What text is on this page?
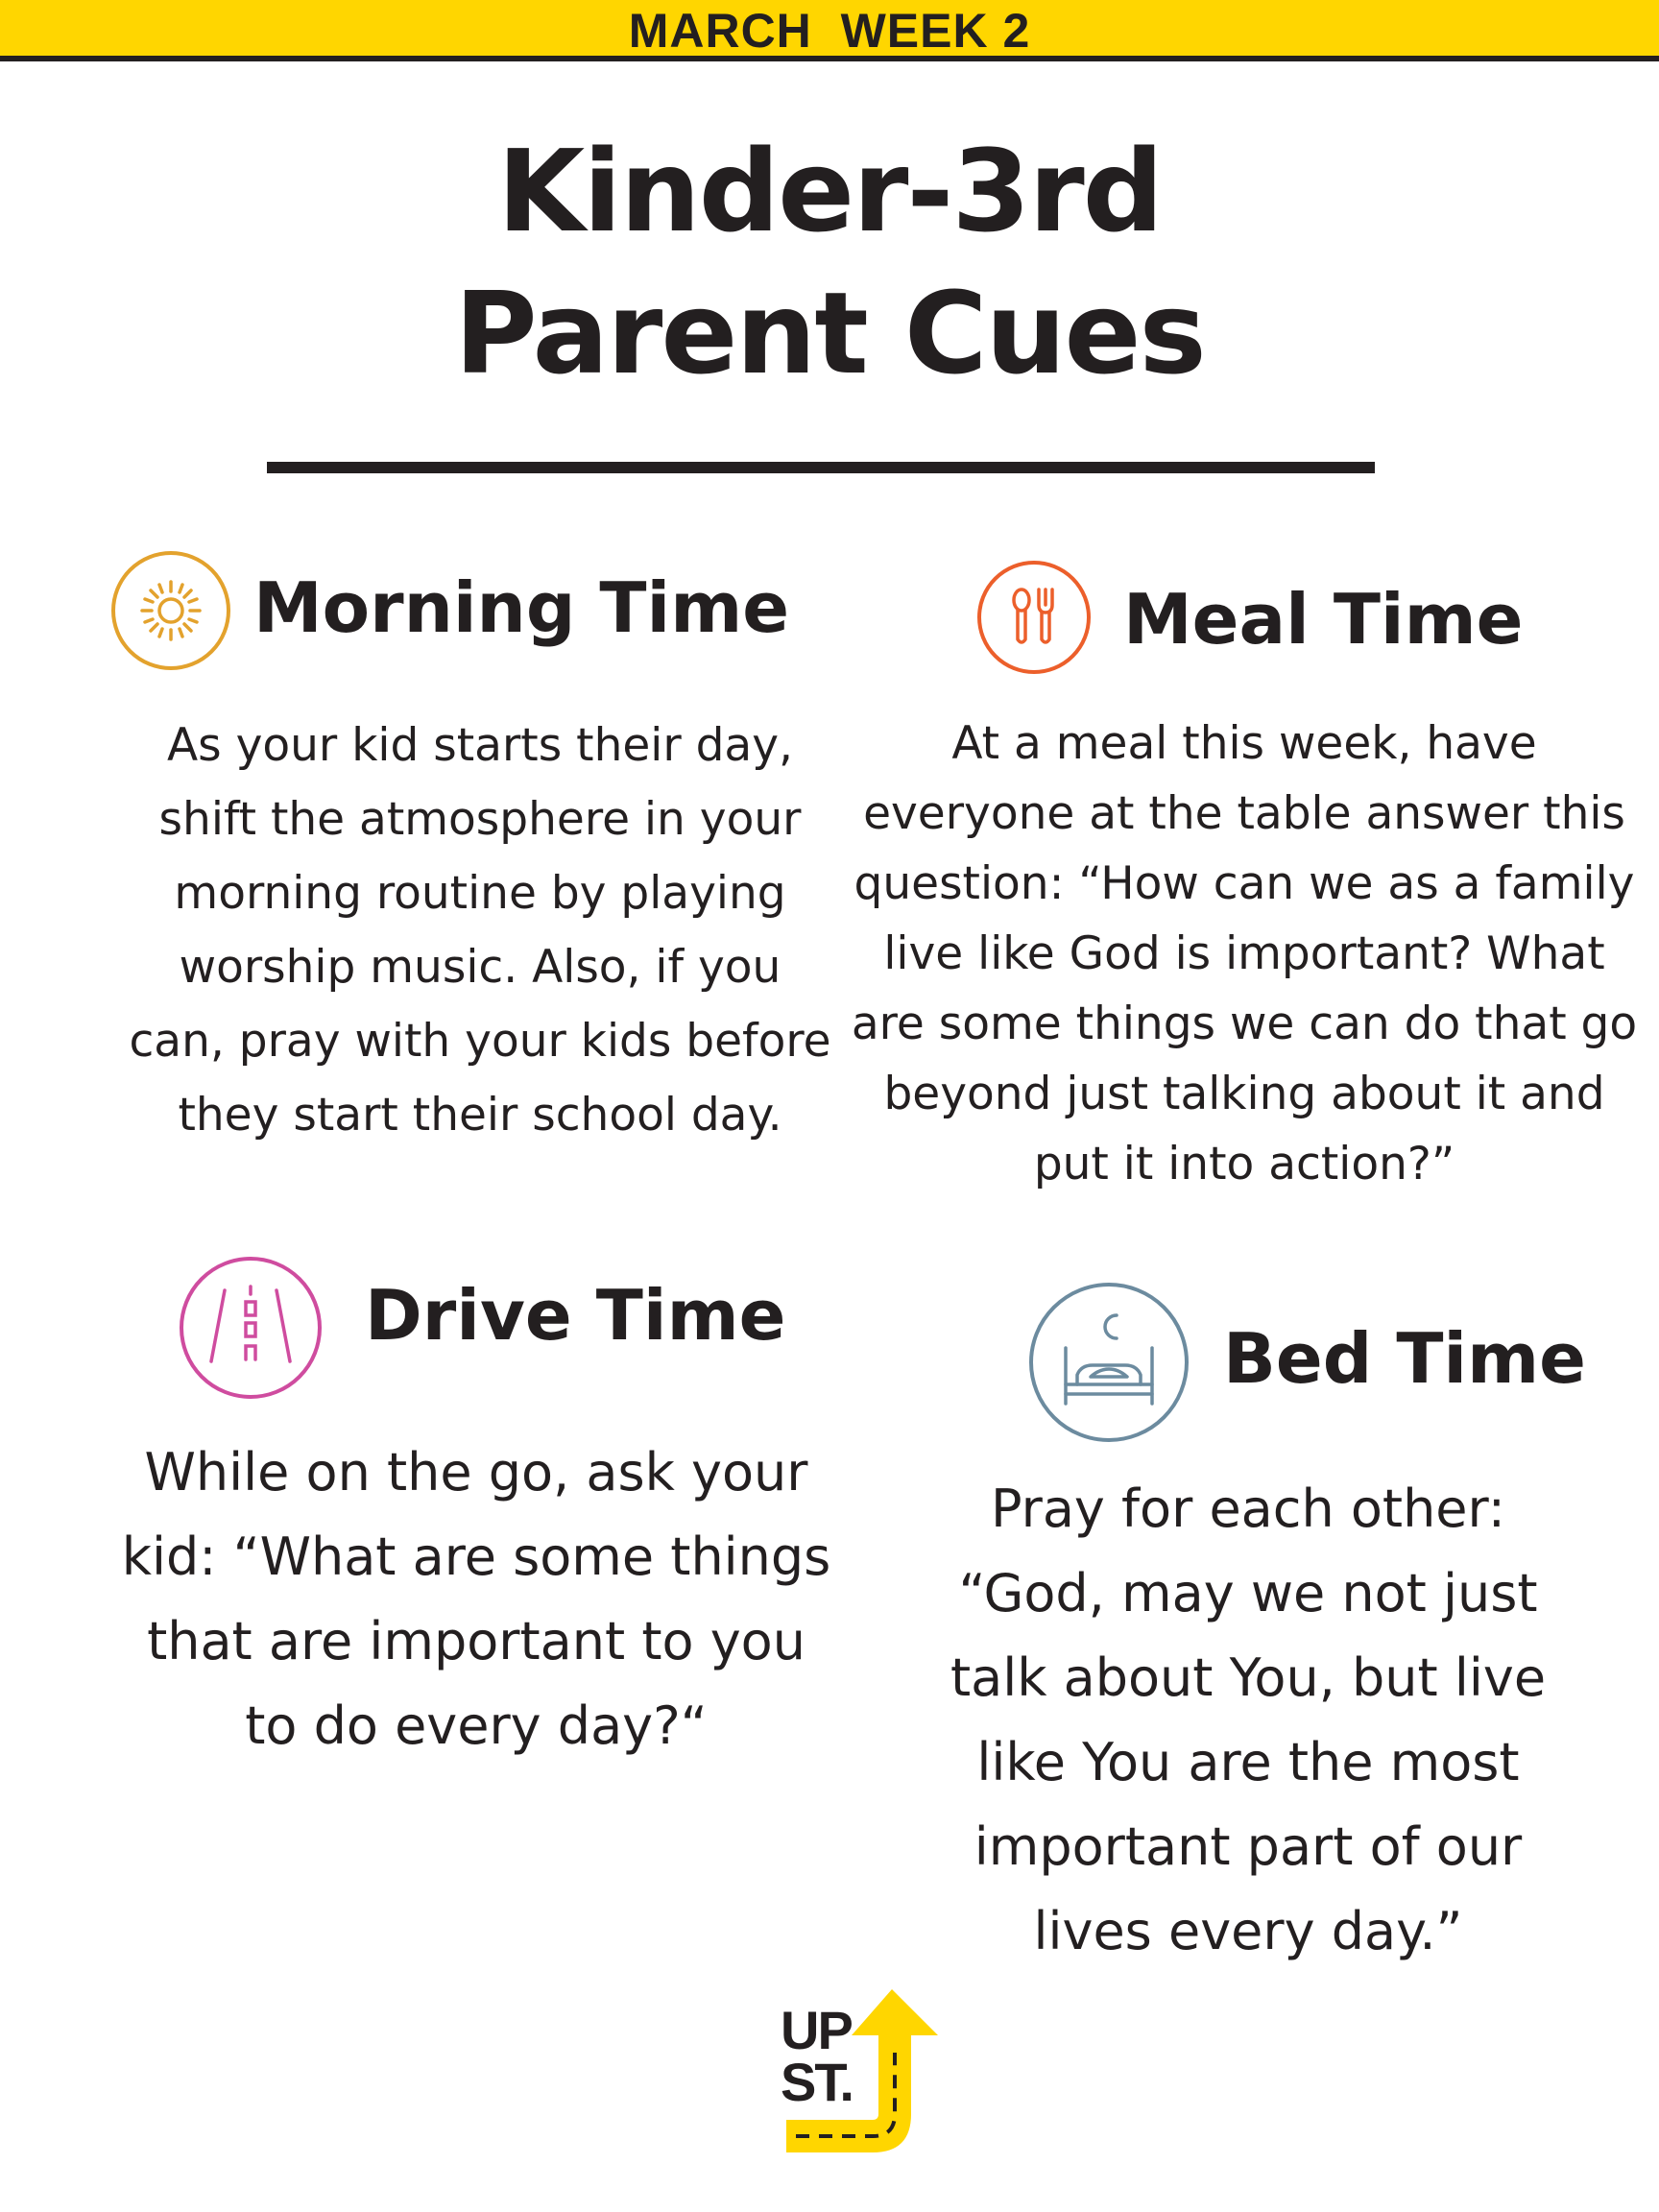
MARCH  WEEK 2
Kinder-3rd
Parent Cues
Morning Time
As your kid starts their day, shift the atmosphere in your morning routine by playing worship music. Also, if you can, pray with your kids before they start their school day.
Meal Time
At a meal this week, have everyone at the table answer this question: “How can we as a family live like God is important? What are some things we can do that go beyond just talking about it and put it into action?”
Drive Time
While on the go, ask your kid: “What are some things that are important to you to do every day?“
Bed Time
Pray for each other: “God, may we not just talk about You, but live like You are the most important part of our lives every day.”
UP
ST.
